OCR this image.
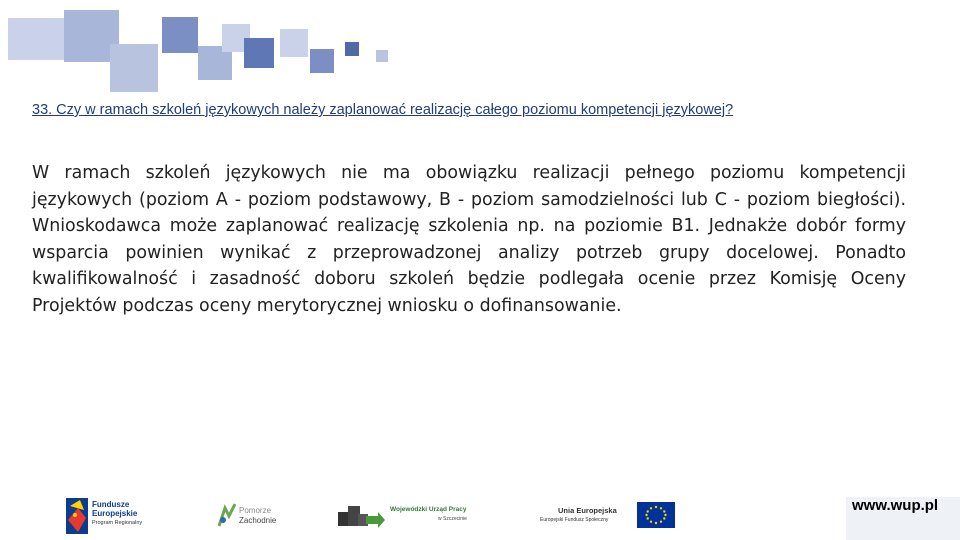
33. Czy w ramach szkoleń językowych należy zaplanować realizację całego poziomu kompetencji językowej?
W ramach szkoleń językowych nie ma obowiązku realizacji pełnego poziomu kompetencji językowych (poziom A - poziom podstawowy, B - poziom samodzielności lub C - poziom biegłości). Wnioskodawca może zaplanować realizację szkolenia np. na poziomie B1. Jednakże dobór formy wsparcia powinien wynikać z przeprowadzonej analizy potrzeb grupy docelowej. Ponadto kwalifikowalność i zasadność doboru szkoleń będzie podlegała ocenie przez Komisję Oceny Projektów podczas oceny merytorycznej wniosku o dofinansowanie.
Fundusze
Europejskie
Program Regionalny
Pomorze
Zachodnie
Wojewódzki Urząd Pracy
w Szczecinie
Unia Europejska
Europejski Fundusz Społeczny
www.wup.pl
